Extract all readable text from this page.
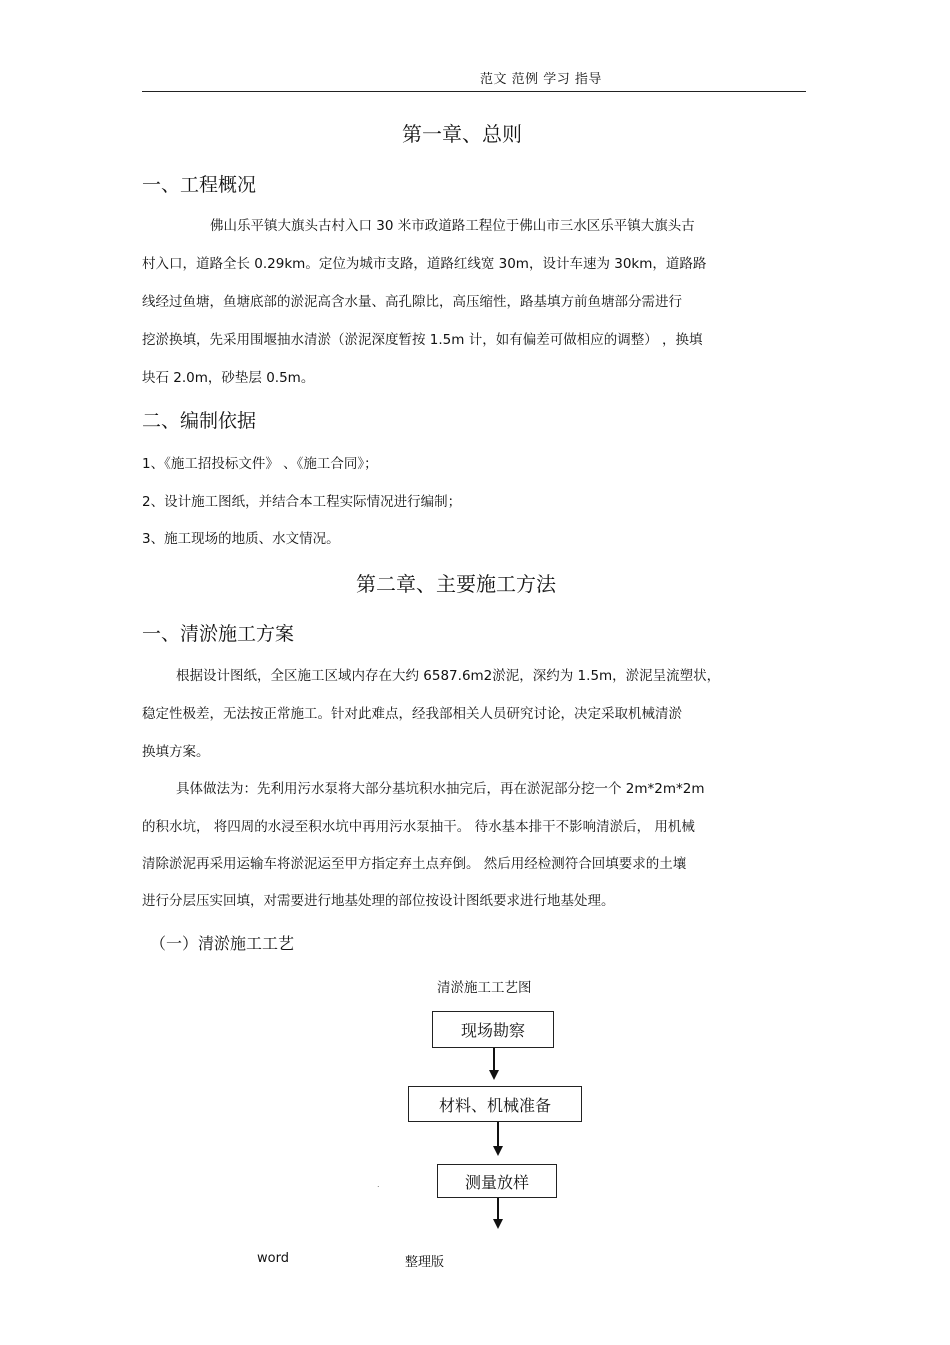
范文 范例 学习 指导
第一章、总则
一、工程概况
佛山乐平镇大旗头古村入口 30 米市政道路工程位于佛山市三水区乐平镇大旗头古
村入口，道路全长 0.29km。定位为城市支路，道路红线宽 30m，设计车速为 30km，道路路
线经过鱼塘，鱼塘底部的淤泥高含水量、高孔隙比，高压缩性，路基填方前鱼塘部分需进行
挖淤换填，先采用围堰抽水清淤（淤泥深度暂按 1.5m 计，如有偏差可做相应的调整） ，换填
块石 2.0m，砂垫层 0.5m。
二、编制依据
1、《施工招投标文件》 、《施工合同》；
2、设计施工图纸，并结合本工程实际情况进行编制；
3、施工现场的地质、水文情况。
第二章、主要施工方法
一、清淤施工方案
根据设计图纸，全区施工区域内存在大约 6587.6m2淤泥，深约为 1.5m，淤泥呈流塑状，
稳定性极差，无法按正常施工。针对此难点，经我部相关人员研究讨论，决定采取机械清淤
换填方案。
具体做法为：先利用污水泵将大部分基坑积水抽完后，再在淤泥部分挖一个 2m*2m*2m
的积水坑， 将四周的水浸至积水坑中再用污水泵抽干。 待水基本排干不影响清淤后， 用机械
清除淤泥再采用运输车将淤泥运至甲方指定弃土点弃倒。 然后用经检测符合回填要求的土壤
进行分层压实回填，对需要进行地基处理的部位按设计图纸要求进行地基处理。
（一）清淤施工工艺
清淤施工工艺图
现场勘察
材料、机械准备
测量放样
.
word	整理版
